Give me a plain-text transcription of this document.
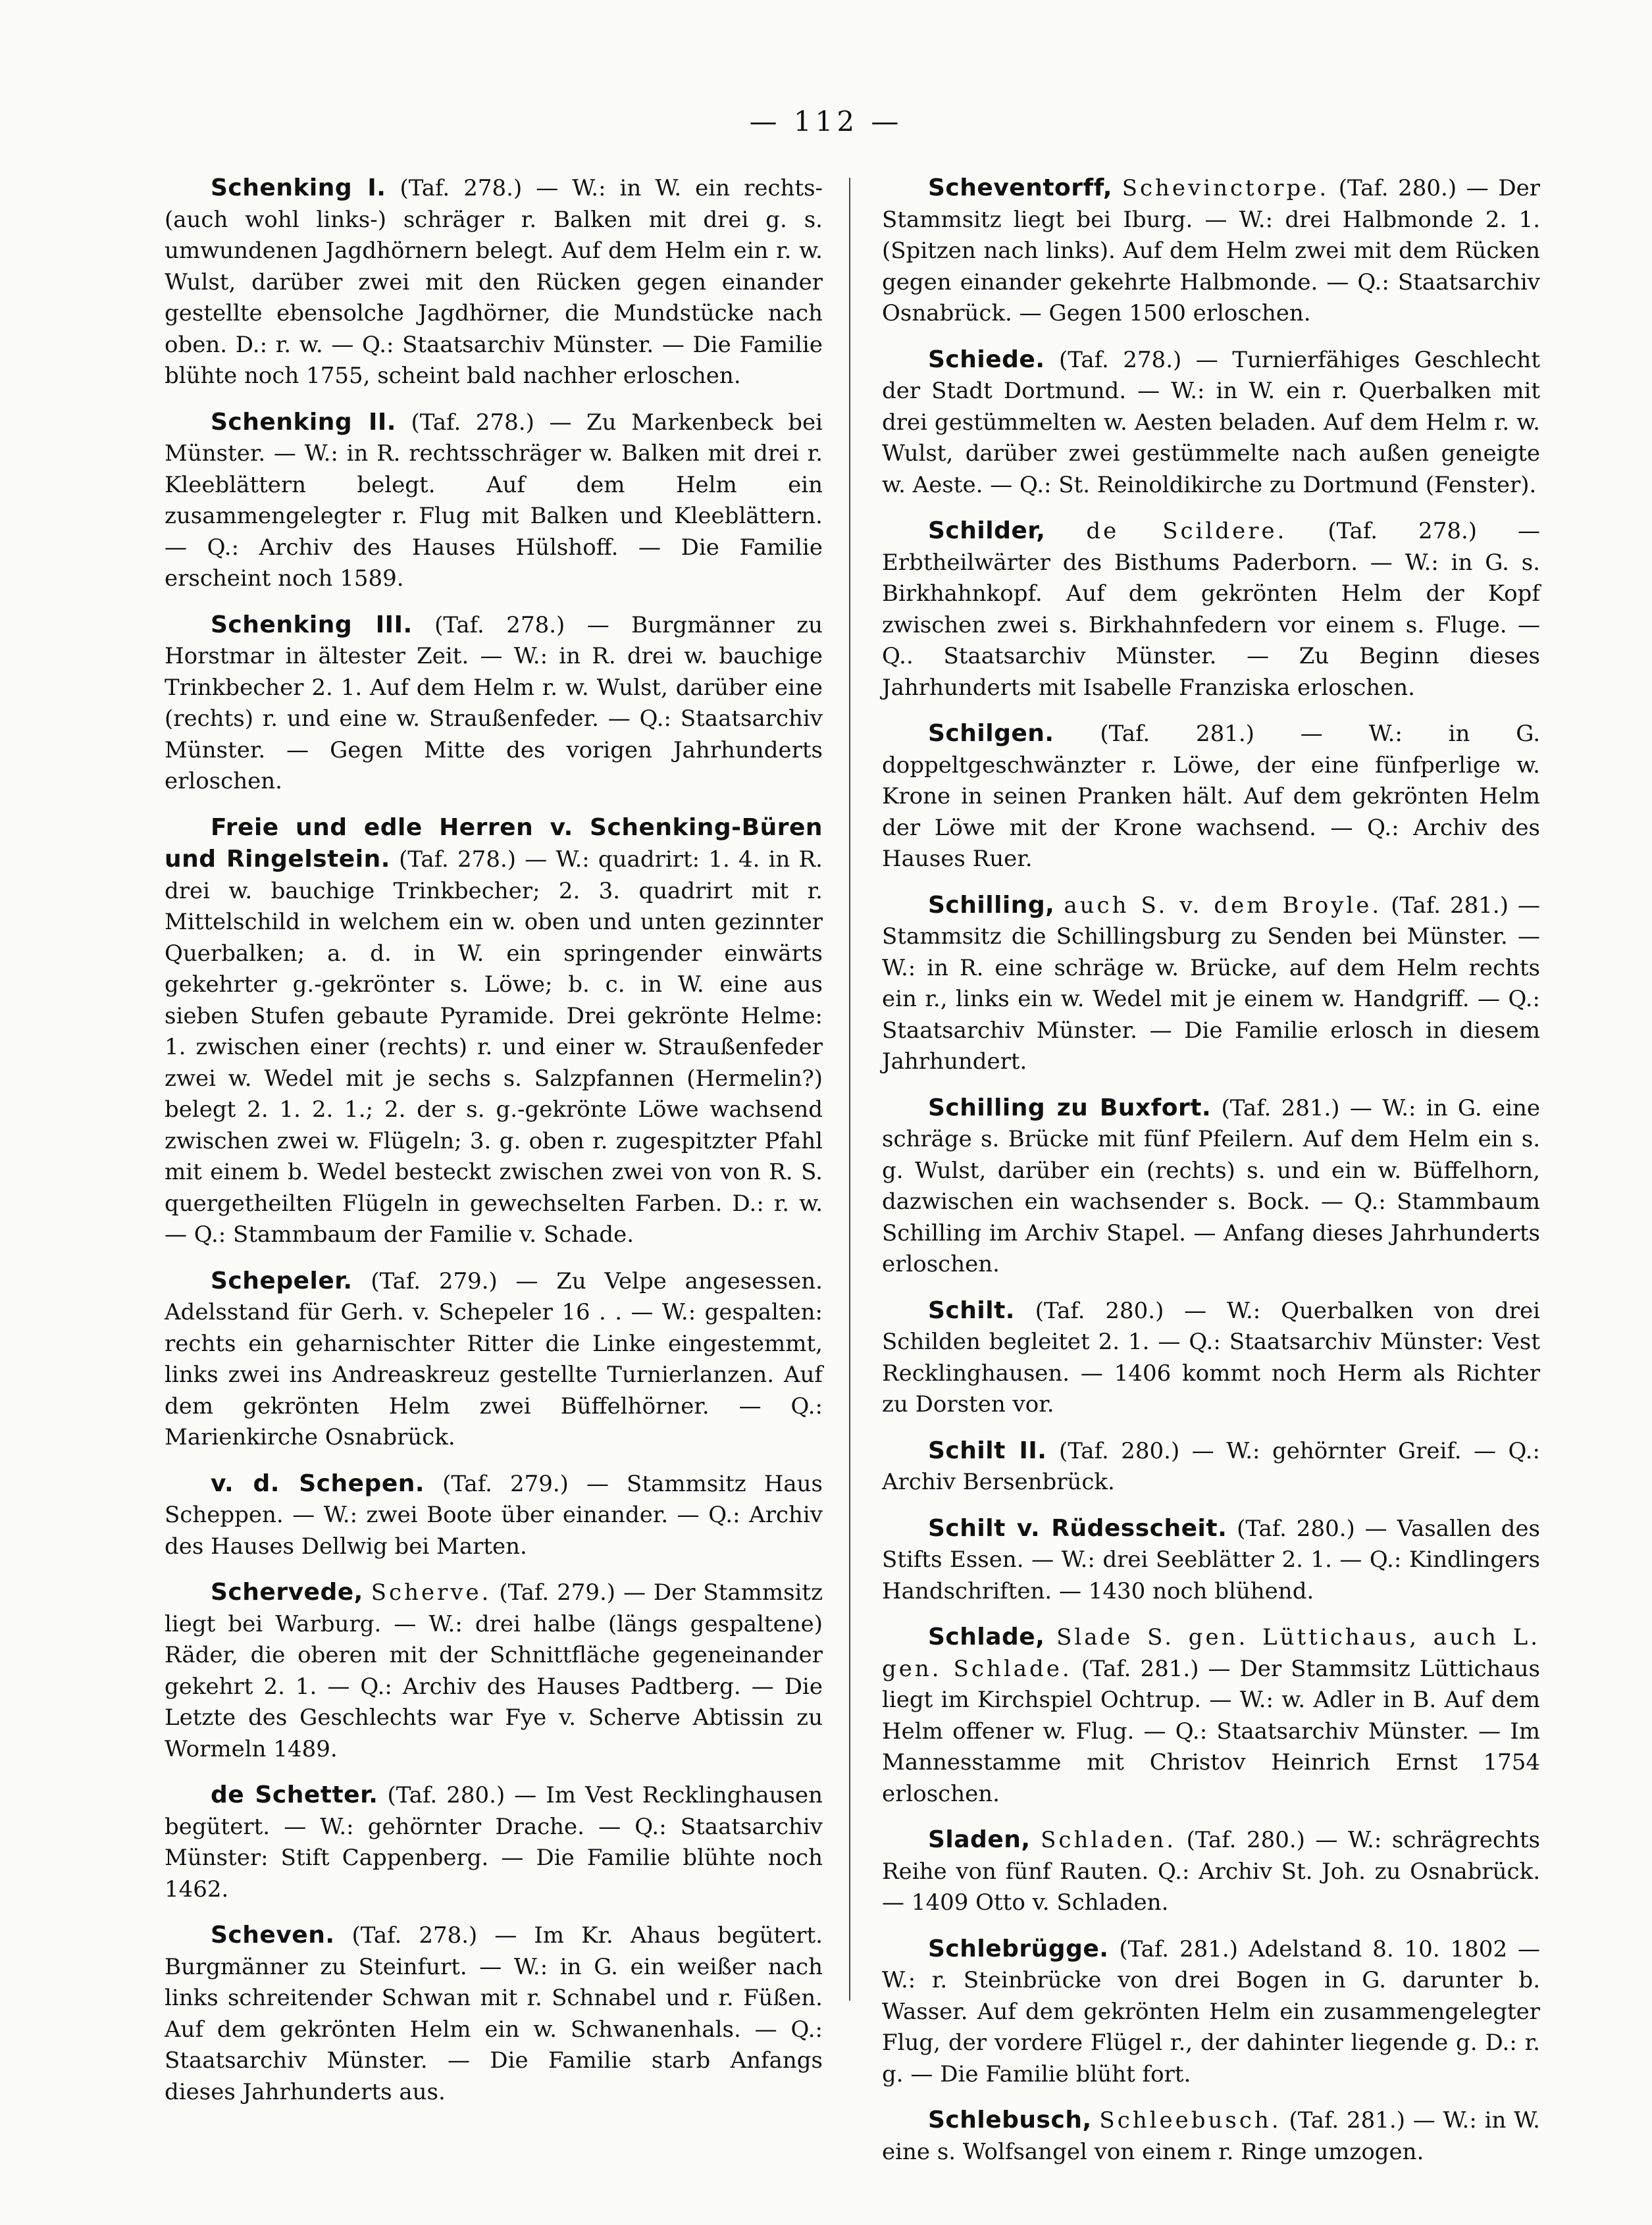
— 112 —

Schenking I. (Taf. 278.) — W.: in W. ein rechts- (auch wohl links-) schräger r. Balken mit drei g. s. umwundenen Jagdhörnern belegt. Auf dem Helm ein r. w. Wulst, darüber zwei mit den Rücken gegen einander gestellte ebensolche Jagdhörner, die Mundstücke nach oben. D.: r. w. — Q.: Staatsarchiv Münster. — Die Familie blühte noch 1755, scheint bald nachher erloschen.

Schenking II. (Taf. 278.) — Zu Markenbeck bei Münster. — W.: in R. rechtsschräger w. Balken mit drei r. Kleeblättern belegt. Auf dem Helm ein zusammengelegter r. Flug mit Balken und Kleeblättern. — Q.: Archiv des Hauses Hülshoff. — Die Familie erscheint noch 1589.

Schenking III. (Taf. 278.) — Burgmänner zu Horstmar in ältester Zeit. — W.: in R. drei w. bauchige Trinkbecher 2. 1. Auf dem Helm r. w. Wulst, darüber eine (rechts) r. und eine w. Straußenfeder. — Q.: Staatsarchiv Münster. — Gegen Mitte des vorigen Jahrhunderts erloschen.

Freie und edle Herren v. Schenking-Büren und Ringelstein. (Taf. 278.) — W.: quadrirt: 1. 4. in R. drei w. bauchige Trinkbecher; 2. 3. quadrirt mit r. Mittelschild in welchem ein w. oben und unten gezinnter Querbalken; a. d. in W. ein springender einwärts gekehrter g.-gekrönter s. Löwe; b. c. in W. eine aus sieben Stufen gebaute Pyramide. Drei gekrönte Helme: 1. zwischen einer (rechts) r. und einer w. Straußenfeder zwei w. Wedel mit je sechs s. Salzpfannen (Hermelin?) belegt 2. 1. 2. 1.; 2. der s. g.-gekrönte Löwe wachsend zwischen zwei w. Flügeln; 3. g. oben r. zugespitzter Pfahl mit einem b. Wedel besteckt zwischen zwei von von R. S. quergetheilten Flügeln in gewechselten Farben. D.: r. w. — Q.: Stammbaum der Familie v. Schade.

Schepeler. (Taf. 279.) — Zu Velpe angesessen. Adelsstand für Gerh. v. Schepeler 16 . . — W.: gespalten: rechts ein geharnischter Ritter die Linke eingestemmt, links zwei ins Andreaskreuz gestellte Turnierlanzen. Auf dem gekrönten Helm zwei Büffelhörner. — Q.: Marienkirche Osnabrück.

v. d. Schepen. (Taf. 279.) — Stammsitz Haus Scheppen. — W.: zwei Boote über einander. — Q.: Archiv des Hauses Dellwig bei Marten.

Schervede, Scherve. (Taf. 279.) — Der Stammsitz liegt bei Warburg. — W.: drei halbe (längs gespaltene) Räder, die oberen mit der Schnittfläche gegeneinander gekehrt 2. 1. — Q.: Archiv des Hauses Padtberg. — Die Letzte des Geschlechts war Fye v. Scherve Abtissin zu Wormeln 1489.

de Schetter. (Taf. 280.) — Im Vest Recklinghausen begütert. — W.: gehörnter Drache. — Q.: Staatsarchiv Münster: Stift Cappenberg. — Die Familie blühte noch 1462.

Scheven. (Taf. 278.) — Im Kr. Ahaus begütert. Burgmänner zu Steinfurt. — W.: in G. ein weißer nach links schreitender Schwan mit r. Schnabel und r. Füßen. Auf dem gekrönten Helm ein w. Schwanenhals. — Q.: Staatsarchiv Münster. — Die Familie starb Anfangs dieses Jahrhunderts aus.

Scheventorff, Schevinctorpe. (Taf. 280.) — Der Stammsitz liegt bei Iburg. — W.: drei Halbmonde 2. 1. (Spitzen nach links). Auf dem Helm zwei mit dem Rücken gegen einander gekehrte Halbmonde. — Q.: Staatsarchiv Osnabrück. — Gegen 1500 erloschen.

Schiede. (Taf. 278.) — Turnierfähiges Geschlecht der Stadt Dortmund. — W.: in W. ein r. Querbalken mit drei gestümmelten w. Aesten beladen. Auf dem Helm r. w. Wulst, darüber zwei gestümmelte nach außen geneigte w. Aeste. — Q.: St. Reinoldikirche zu Dortmund (Fenster).

Schilder, de Scildere. (Taf. 278.) — Erbtheilwärter des Bisthums Paderborn. — W.: in G. s. Birkhahnkopf. Auf dem gekrönten Helm der Kopf zwischen zwei s. Birkhahnfedern vor einem s. Fluge. — Q.. Staatsarchiv Münster. — Zu Beginn dieses Jahrhunderts mit Isabelle Franziska erloschen.

Schilgen. (Taf. 281.) — W.: in G. doppeltgeschwänzter r. Löwe, der eine fünfperlige w. Krone in seinen Pranken hält. Auf dem gekrönten Helm der Löwe mit der Krone wachsend. — Q.: Archiv des Hauses Ruer.

Schilling, auch S. v. dem Broyle. (Taf. 281.) — Stammsitz die Schillingsburg zu Senden bei Münster. — W.: in R. eine schräge w. Brücke, auf dem Helm rechts ein r., links ein w. Wedel mit je einem w. Handgriff. — Q.: Staatsarchiv Münster. — Die Familie erlosch in diesem Jahrhundert.

Schilling zu Buxfort. (Taf. 281.) — W.: in G. eine schräge s. Brücke mit fünf Pfeilern. Auf dem Helm ein s. g. Wulst, darüber ein (rechts) s. und ein w. Büffelhorn, dazwischen ein wachsender s. Bock. — Q.: Stammbaum Schilling im Archiv Stapel. — Anfang dieses Jahrhunderts erloschen.

Schilt. (Taf. 280.) — W.: Querbalken von drei Schilden begleitet 2. 1. — Q.: Staatsarchiv Münster: Vest Recklinghausen. — 1406 kommt noch Herm als Richter zu Dorsten vor.

Schilt II. (Taf. 280.) — W.: gehörnter Greif. — Q.: Archiv Bersenbrück.

Schilt v. Rüdesscheit. (Taf. 280.) — Vasallen des Stifts Essen. — W.: drei Seeblätter 2. 1. — Q.: Kindlingers Handschriften. — 1430 noch blühend.

Schlade, Slade S. gen. Lüttichaus, auch L. gen. Schlade. (Taf. 281.) — Der Stammsitz Lüttichaus liegt im Kirchspiel Ochtrup. — W.: w. Adler in B. Auf dem Helm offener w. Flug. — Q.: Staatsarchiv Münster. — Im Mannesstamme mit Christov Heinrich Ernst 1754 erloschen.

Sladen, Schladen. (Taf. 280.) — W.: schrägrechts Reihe von fünf Rauten. Q.: Archiv St. Joh. zu Osnabrück. — 1409 Otto v. Schladen.

Schlebrügge. (Taf. 281.) Adelstand 8. 10. 1802 — W.: r. Steinbrücke von drei Bogen in G. darunter b. Wasser. Auf dem gekrönten Helm ein zusammengelegter Flug, der vordere Flügel r., der dahinter liegende g. D.: r. g. — Die Familie blüht fort.

Schlebusch, Schleebusch. (Taf. 281.) — W.: in W. eine s. Wolfsangel von einem r. Ringe umzogen.
